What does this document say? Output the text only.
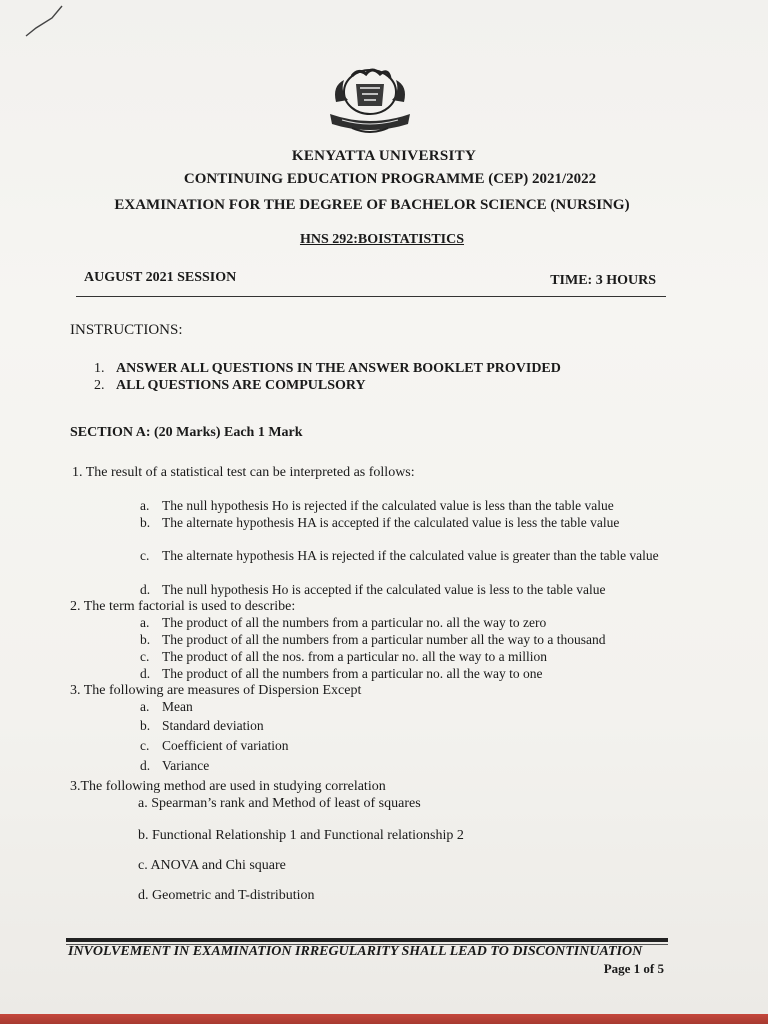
KENYATTA UNIVERSITY
CONTINUING EDUCATION PROGRAMME (CEP) 2021/2022
EXAMINATION FOR THE DEGREE OF BACHELOR SCIENCE (NURSING)
HNS 292:BOISTATISTICS
AUGUST 2021 SESSION	TIME: 3 HOURS
INSTRUCTIONS:
1. ANSWER ALL QUESTIONS IN THE ANSWER BOOKLET PROVIDED
2. ALL QUESTIONS ARE COMPULSORY
SECTION A: (20 Marks) Each 1 Mark
1. The result of a statistical test can be interpreted as follows:
a. The null hypothesis Ho is rejected if the calculated value is less than the table value
b. The alternate hypothesis HA is accepted if the calculated value is less the table value
c. The alternate hypothesis HA is rejected if the calculated value is greater than the table value
d. The null hypothesis Ho is accepted if the calculated value is less to the table value
2. The term factorial is used to describe:
a. The product of all the numbers from a particular no. all the way to zero
b. The product of all the numbers from a particular number all the way to a thousand
c. The product of all the nos. from a particular no. all the way to a million
d. The product of all the numbers from a particular no. all the way to one
3. The following are measures of Dispersion Except
a. Mean
b. Standard deviation
c. Coefficient of variation
d. Variance
3.The following method are used in studying correlation
a. Spearman’s rank and Method of least of squares
b. Functional Relationship 1 and Functional relationship 2
c. ANOVA and Chi square
d. Geometric and T-distribution
INVOLVEMENT IN EXAMINATION IRREGULARITY SHALL LEAD TO DISCONTINUATION
Page 1 of 5
